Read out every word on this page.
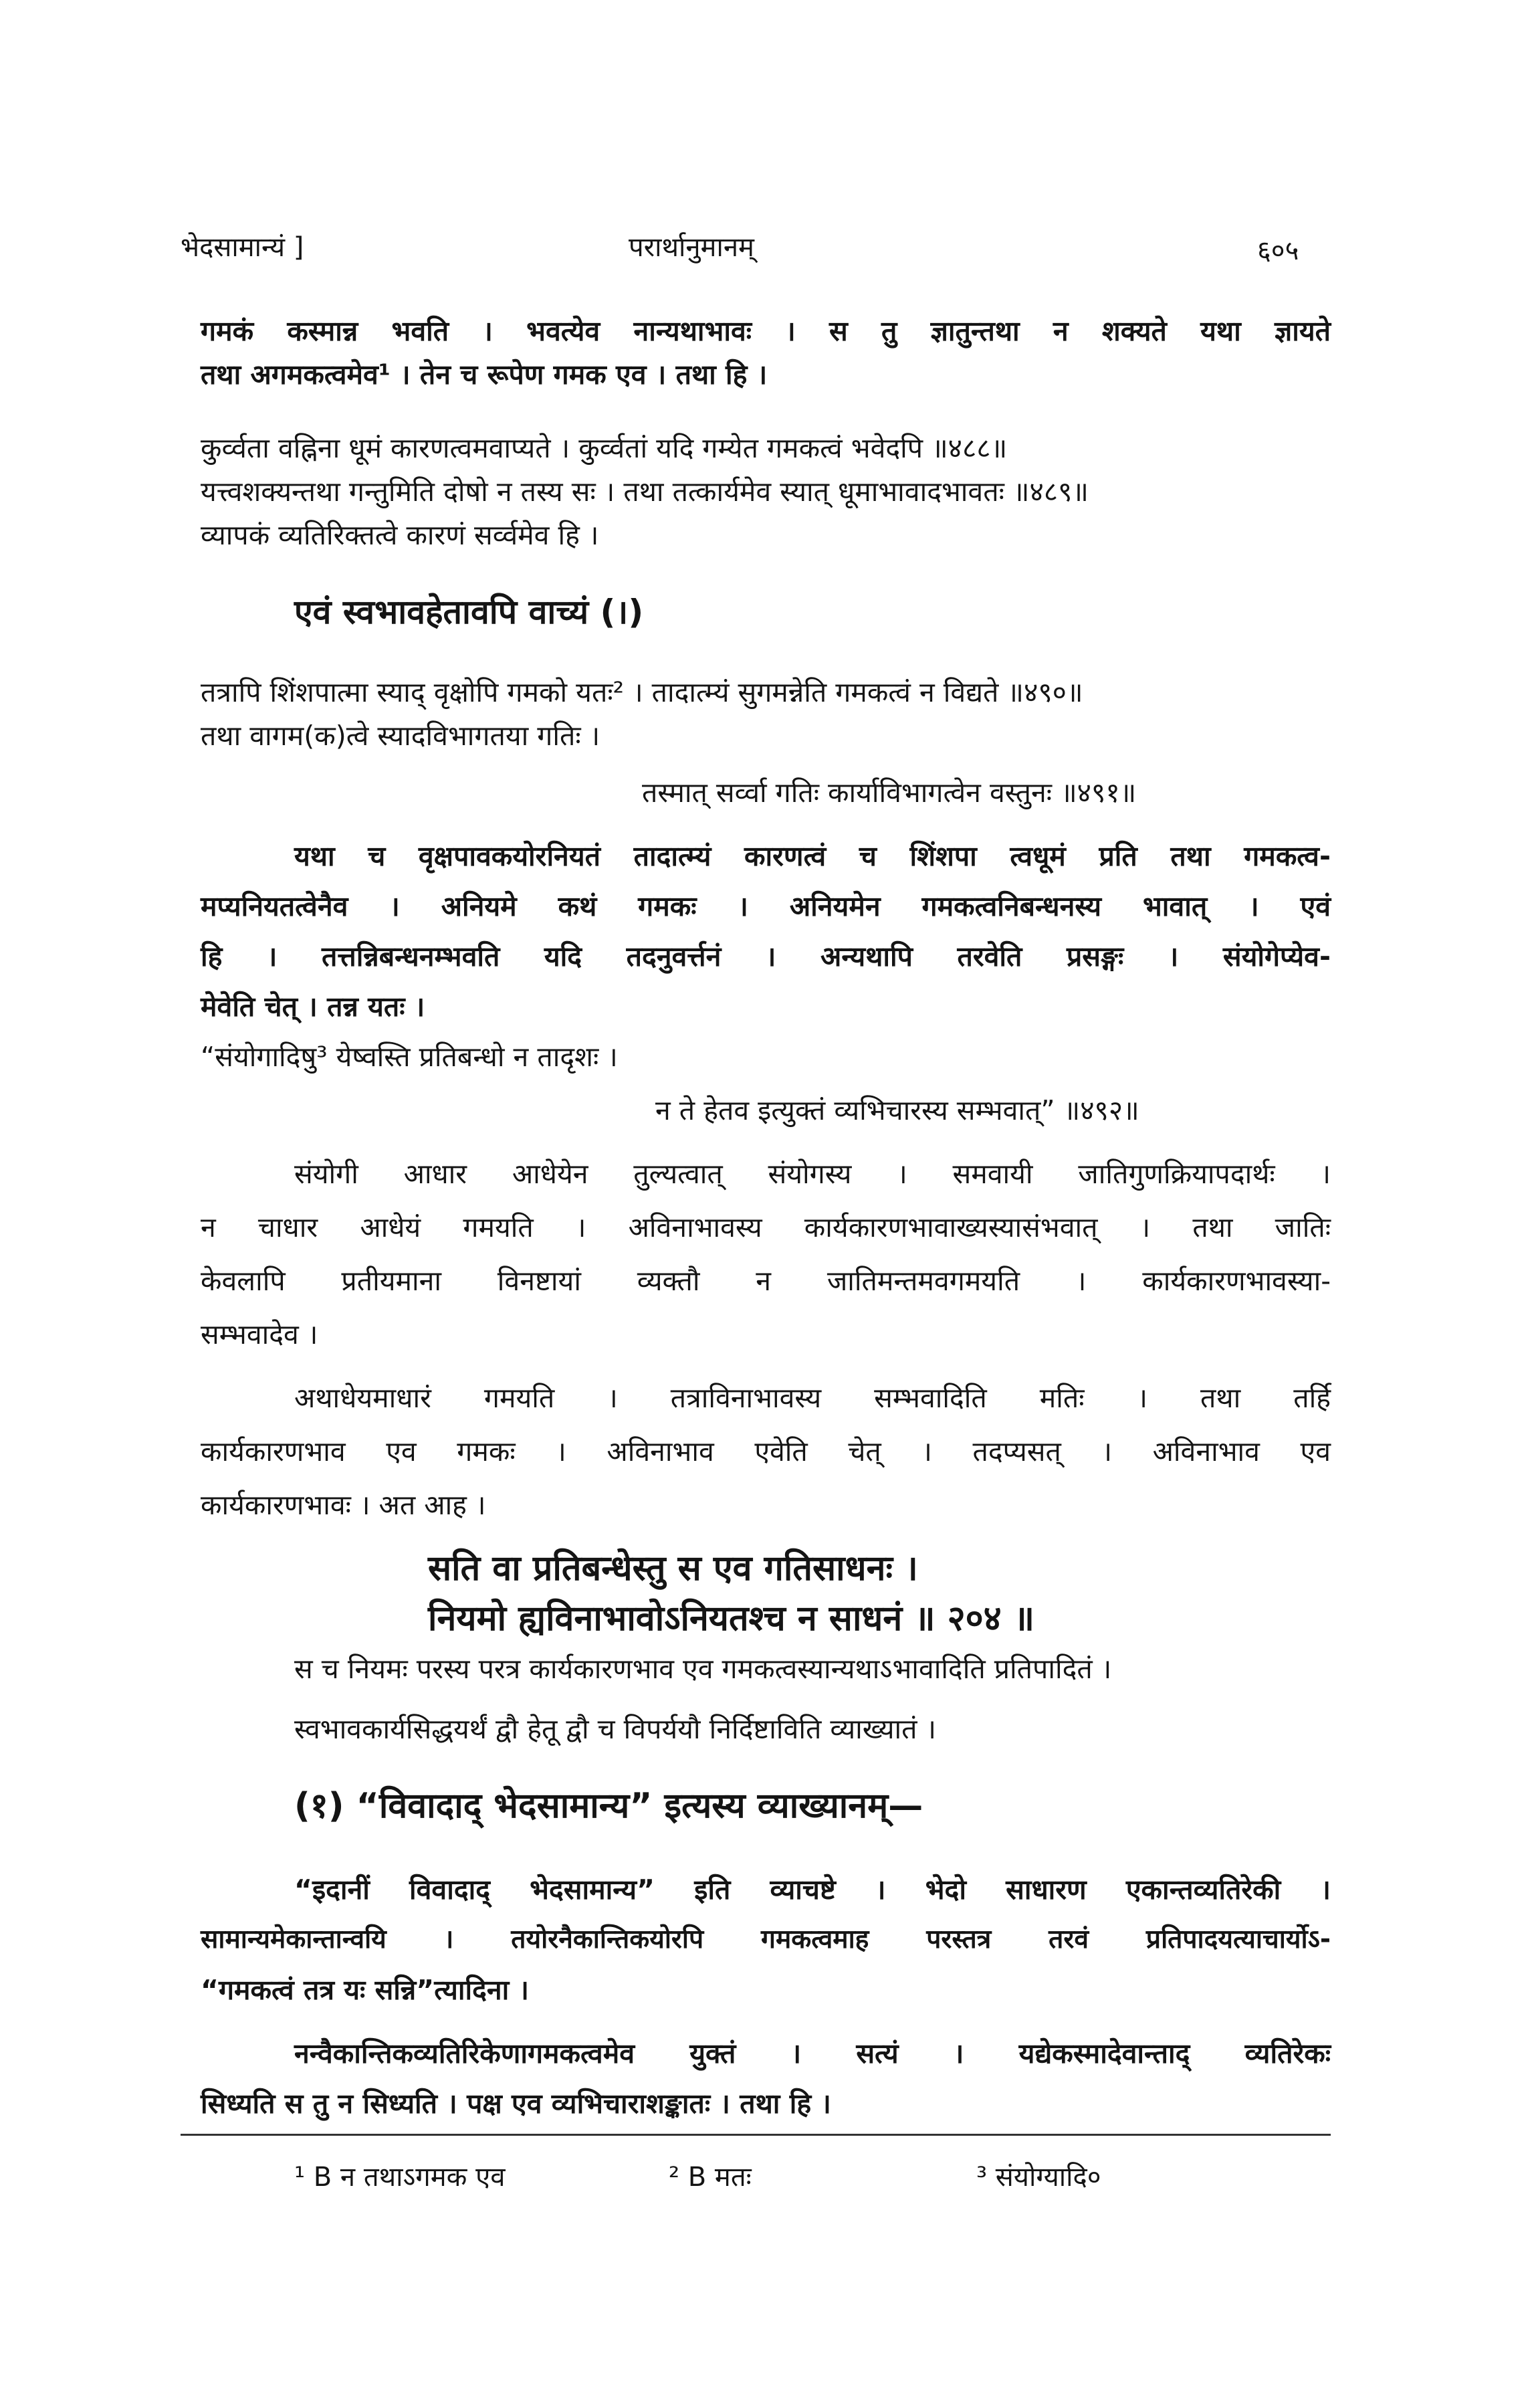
भेदसामान्यं ]	परार्थानुमानम्	६०५
गमकं कस्मान्न भवति । भवत्येव नान्यथाभावः । स तु ज्ञातुन्तथा न शक्यते यथा ज्ञायते
तथा अगमकत्वमेव¹ । तेन च रूपेण गमक एव । तथा हि ।
कुर्व्वता वह्निना धूमं कारणत्वमवाप्यते । कुर्व्वतां यदि गम्येत गमकत्वं भवेदपि ॥४८८॥
यत्त्वशक्यन्तथा गन्तुमिति दोषो न तस्य सः । तथा तत्कार्यमेव स्यात् धूमाभावादभावतः ॥४८९॥
व्यापकं व्यतिरिक्तत्वे कारणं सर्व्वमेव हि ।
एवं स्वभावहेतावपि वाच्यं (।)
तत्रापि शिंशपात्मा स्याद् वृक्षोपि गमको यतः² । तादात्म्यं सुगमन्नेति गमकत्वं न विद्यते ॥४९०॥
तथा वागम(क)त्वे स्यादविभागतया गतिः ।
तस्मात् सर्व्वा गतिः कार्याविभागत्वेन वस्तुनः ॥४९१॥
यथा च वृक्षपावकयोरनियतं तादात्म्यं कारणत्वं च शिंशपा त्वधूमं प्रति तथा गमकत्व-
मप्यनियतत्वेनैव । अनियमे कथं गमकः । अनियमेन गमकत्वनिबन्धनस्य भावात् । एवं
हि । तत्तन्निबन्धनम्भवति यदि तदनुवर्त्तनं । अन्यथापि तरवेति प्रसङ्गः । संयोगेप्येव-
मेवेति चेत् । तन्न यतः ।
“संयोगादिषु³ येष्वस्ति प्रतिबन्धो न तादृशः ।
न ते हेतव इत्युक्तं व्यभिचारस्य सम्भवात्” ॥४९२॥
संयोगी आधार आधेयेन तुल्यत्वात् संयोगस्य । समवायी जातिगुणक्रियापदार्थः ।
न चाधार आधेयं गमयति । अविनाभावस्य कार्यकारणभावाख्यस्यासंभवात् । तथा जातिः
केवलापि प्रतीयमाना विनष्टायां व्यक्तौ न जातिमन्तमवगमयति । कार्यकारणभावस्या-
सम्भवादेव ।
अथाधेयमाधारं गमयति । तत्राविनाभावस्य सम्भवादिति मतिः । तथा तर्हि
कार्यकारणभाव एव गमकः । अविनाभाव एवेति चेत् । तदप्यसत् । अविनाभाव एव
कार्यकारणभावः । अत आह ।
सति वा प्रतिबन्धेस्तु स एव गतिसाधनः ।
नियमो ह्यविनाभावोऽनियतश्च न साधनं ॥ २०४ ॥
स च नियमः परस्य परत्र कार्यकारणभाव एव गमकत्वस्यान्यथाऽभावादिति प्रतिपादितं ।
स्वभावकार्यसिद्धयर्थं द्वौ हेतू द्वौ च विपर्ययौ निर्दिष्टाविति व्याख्यातं ।
(१) “विवादाद् भेदसामान्य” इत्यस्य व्याख्यानम्—
“इदानीं विवादाद् भेदसामान्य” इति व्याचष्टे । भेदो साधारण एकान्तव्यतिरेकी ।
सामान्यमेकान्तान्वयि । तयोरनैकान्तिकयोरपि गमकत्वमाह परस्तत्र तरवं प्रतिपादयत्याचार्योऽ-
“गमकत्वं तत्र यः सन्नि”त्यादिना ।
नन्वैकान्तिकव्यतिरिकेणागमकत्वमेव युक्तं । सत्यं । यद्येकस्मादेवान्ताद् व्यतिरेकः
सिध्यति स तु न सिध्यति । पक्ष एव व्यभिचाराशङ्कातः । तथा हि ।
¹ B न तथाऽगमक एव	² B मतः	³ संयोग्यादि०
